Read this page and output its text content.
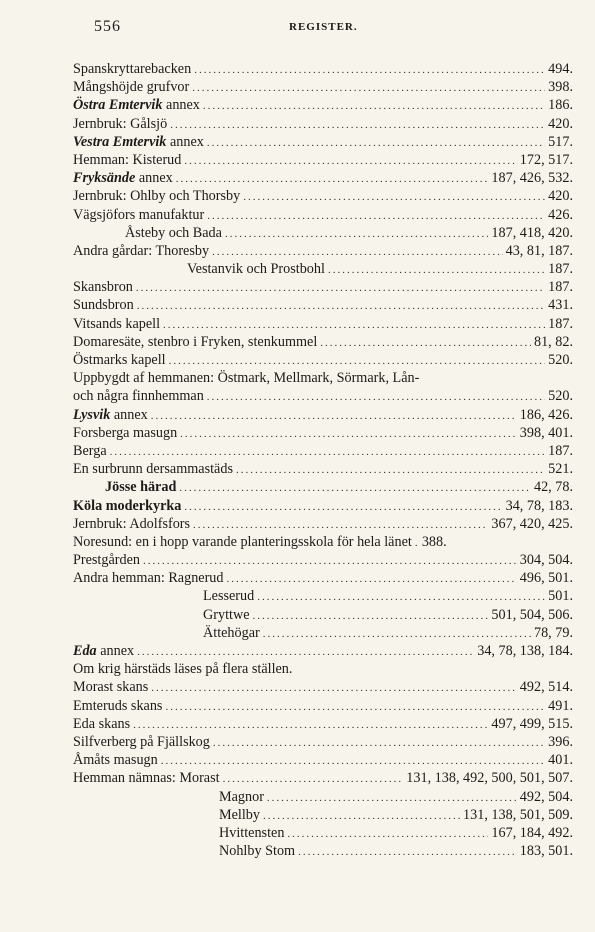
556	REGISTER.
Spanskryttarebacken .....	494.
Mångshöjde grufvor .....	398.
Östra Emtervik annex .....	186.
Jernbruk: Gålsjö .....	420.
Vestra Emtervik annex .....	517.
Hemman: Kisterud .....	172, 517.
Fryksände annex .....	187, 426, 532.
Jernbruk: Ohlby och Thorsby .....	420.
Vägsjöfors manufaktur .....	426.
Åsteby och Bada .....	187, 418, 420.
Andra gårdar: Thoresby .....	43, 81, 187.
Vestanvik och Prostbohl .....	187.
Skansbron .....	187.
Sundsbron .....	431.
Vitsands kapell .....	187.
Domaresäte, stenbro i Fryken, stenkummel .....	81, 82.
Östmarks kapell .....	520.
Uppbygdt af hemmanen: Östmark, Mellmark, Sörmark, Lån-
och några finnhemman .....	520.
Lysvik annex .....	186, 426.
Forsberga masugn .....	398, 401.
Berga .....	187.
En surbrunn dersammastäds .....	521.
Jösse härad .....	42, 78.
Köla moderkyrka .....	34, 78, 183.
Jernbruk: Adolfsfors .....	367, 420, 425.
Noresund: en i hopp varande planteringsskola för hela länet ..... 388.
Prestgården .....	304, 504.
Andra hemman: Ragnerud .....	496, 501.
Lesserud .....	501.
Gryttwe .....	501, 504, 506.
Ättehögar .....	78, 79.
Eda annex .....	34, 78, 138, 184.
Om krig härstäds läses på flera ställen.
Morast skans .....	492, 514.
Emteruds skans .....	491.
Eda skans .....	497, 499, 515.
Silfverberg på Fjällskog .....	396.
Åmåts masugn .....	401.
Hemman nämnas: Morast .....	131, 138, 492, 500, 501, 507.
Magnor .....	492, 504.
Mellby .....	131, 138, 501, 509.
Hvittensten .....	167, 184, 492.
Nohlby Stom .....	183, 501.
